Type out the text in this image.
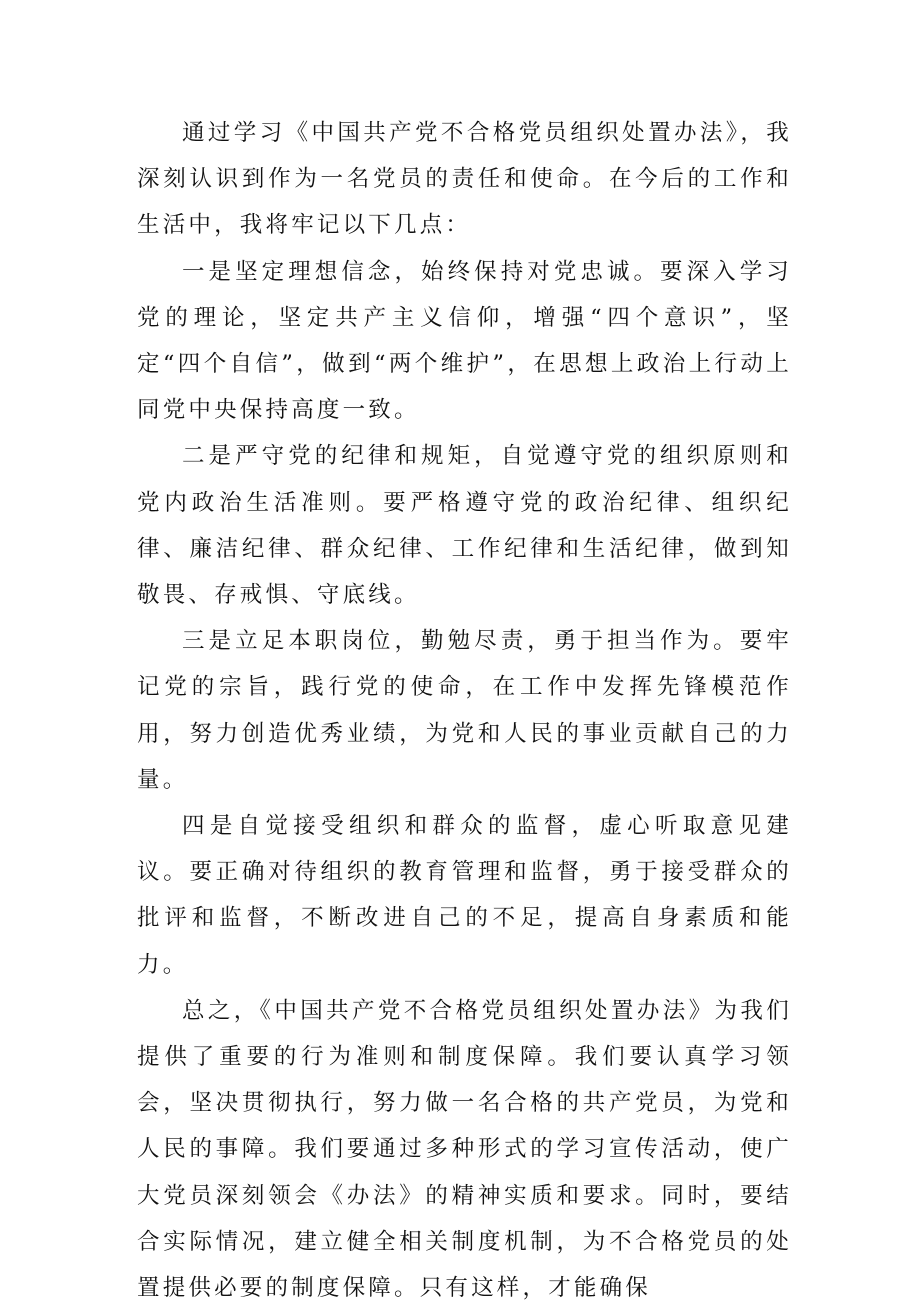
通过学习《中国共产党不合格党员组织处置办法》，我深刻认识到作为一名党员的责任和使命。在今后的工作和生活中，我将牢记以下几点：

一是坚定理想信念，始终保持对党忠诚。要深入学习党的理论，坚定共产主义信仰，增强“四个意识”，坚定“四个自信”，做到“两个维护”，在思想上政治上行动上同党中央保持高度一致。

二是严守党的纪律和规矩，自觉遵守党的组织原则和党内政治生活准则。要严格遵守党的政治纪律、组织纪律、廉洁纪律、群众纪律、工作纪律和生活纪律，做到知敬畏、存戒惧、守底线。

三是立足本职岗位，勤勉尽责，勇于担当作为。要牢记党的宗旨，践行党的使命，在工作中发挥先锋模范作用，努力创造优秀业绩，为党和人民的事业贡献自己的力量。

四是自觉接受组织和群众的监督，虚心听取意见建议。要正确对待组织的教育管理和监督，勇于接受群众的批评和监督，不断改进自己的不足，提高自身素质和能力。

总之，《中国共产党不合格党员组织处置办法》为我们提供了重要的行为准则和制度保障。我们要认真学习领会，坚决贯彻执行，努力做一名合格的共产党员，为党和人民的事障。我们要通过多种形式的学习宣传活动，使广大党员深刻领会《办法》的精神实质和要求。同时，要结合实际情况，建立健全相关制度机制，为不合格党员的处置提供必要的制度保障。只有这样，才能确保
